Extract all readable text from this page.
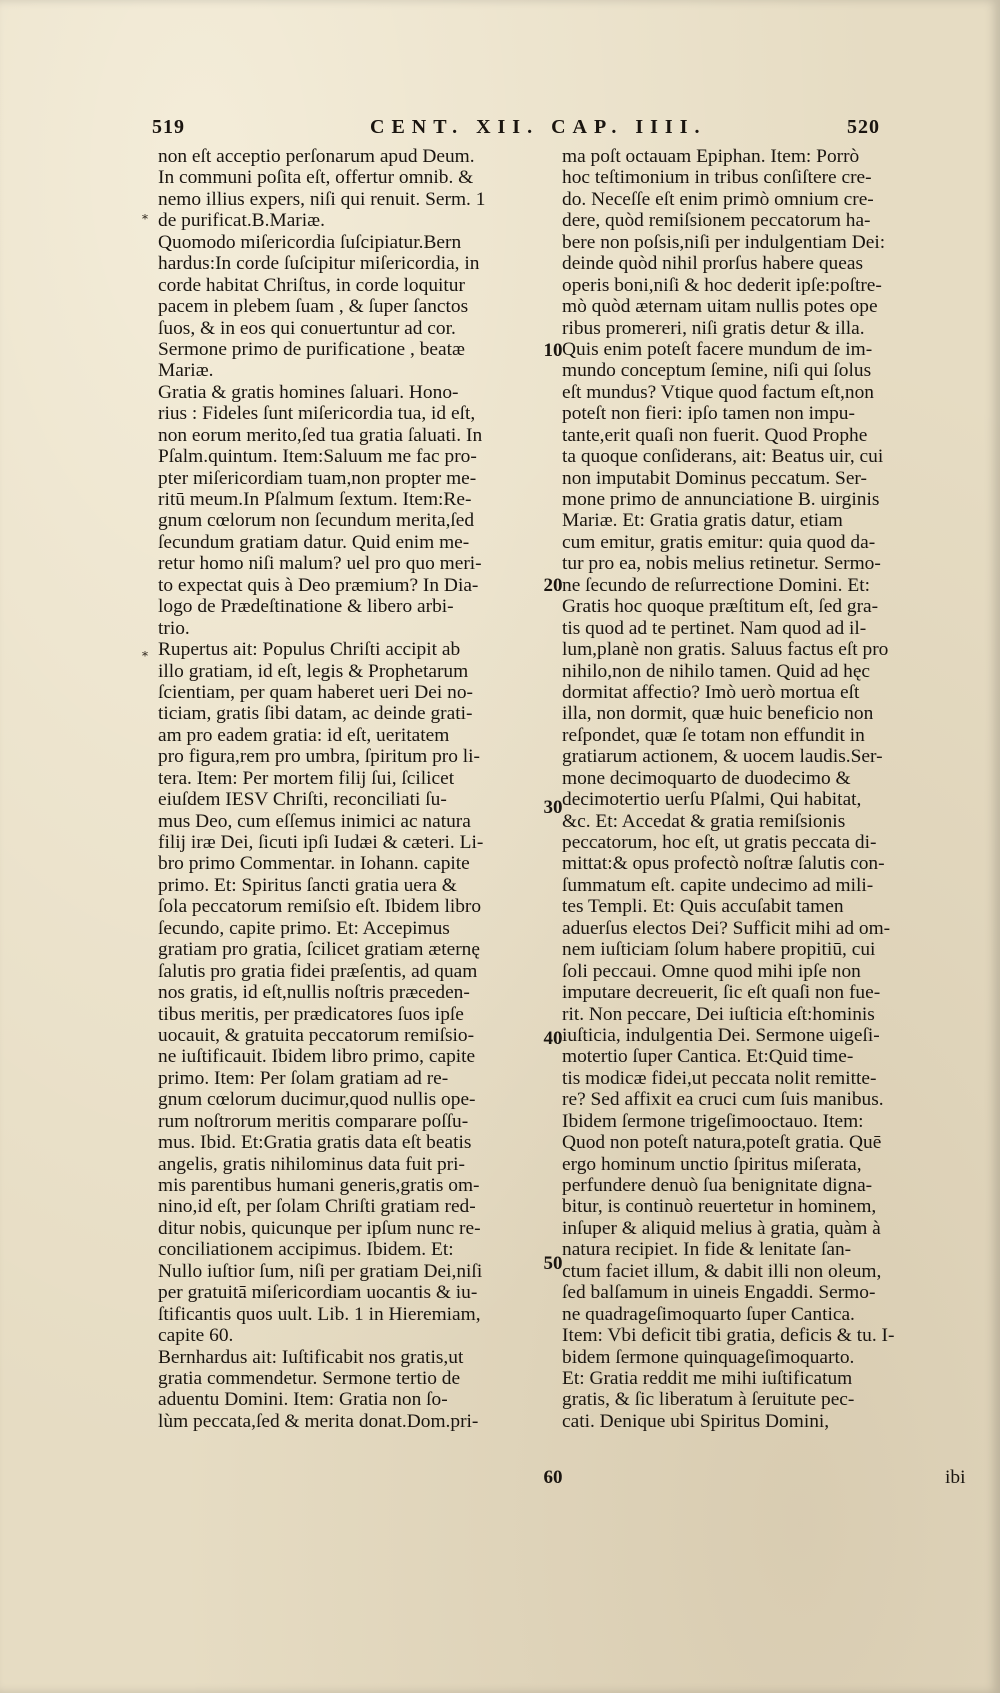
519	CENT. XII. CAP. IIII.	520
*
*
non eſt acceptio perſonarum apud Deum.
In communi poſita eſt, offertur omnib. &
nemo illius expers, niſi qui renuit. Serm. 1
de purificat.B.Mariæ.
Quomodo miſericordia ſuſcipiatur.Bern
hardus:In corde ſuſcipitur miſericordia, in
corde habitat Chriſtus, in corde loquitur
pacem in plebem ſuam , & ſuper ſanctos
ſuos, & in eos qui conuertuntur ad cor.
Sermone primo de purificatione , beatæ
Mariæ.
Gratia & gratis homines ſaluari. Hono-
rius : Fideles ſunt miſericordia tua, id eſt,
non eorum merito,ſed tua gratia ſaluati. In
Pſalm.quintum. Item:Saluum me fac pro-
pter miſericordiam tuam,non propter me-
ritū meum.In Pſalmum ſextum. Item:Re-
gnum cœlorum non ſecundum merita,ſed
ſecundum gratiam datur. Quid enim me-
retur homo niſi malum? uel pro quo meri-
to expectat quis à Deo præmium? In Dia-
logo de Prædeſtinatione & libero arbi-
trio.
Rupertus ait: Populus Chriſti accipit ab
illo gratiam, id eſt, legis & Prophetarum
ſcientiam, per quam haberet ueri Dei no-
ticiam, gratis ſibi datam, ac deinde grati-
am pro eadem gratia: id eſt, ueritatem
pro figura,rem pro umbra, ſpiritum pro li-
tera. Item: Per mortem filij ſui, ſcilicet
eiuſdem IESV Chriſti, reconciliati ſu-
mus Deo, cum eſſemus inimici ac natura
filij iræ Dei, ſicuti ipſi Iudæi & cæteri. Li-
bro primo Commentar. in Iohann. capite
primo. Et: Spiritus ſancti gratia uera &
ſola peccatorum remiſsio eſt. Ibidem libro
ſecundo, capite primo. Et: Accepimus
gratiam pro gratia, ſcilicet gratiam æternę
ſalutis pro gratia fidei præſentis, ad quam
nos gratis, id eſt,nullis noſtris præceden-
tibus meritis, per prædicatores ſuos ipſe
uocauit, & gratuita peccatorum remiſsio-
ne iuſtificauit. Ibidem libro primo, capite
primo. Item: Per ſolam gratiam ad re-
gnum cœlorum ducimur,quod nullis ope-
rum noſtrorum meritis comparare poſſu-
mus. Ibid. Et:Gratia gratis data eſt beatis
angelis, gratis nihilominus data fuit pri-
mis parentibus humani generis,gratis om-
nino,id eſt, per ſolam Chriſti gratiam red-
ditur nobis, quicunque per ipſum nunc re-
conciliationem accipimus. Ibidem. Et:
Nullo iuſtior ſum, niſi per gratiam Dei,niſi
per gratuitā miſericordiam uocantis & iu-
ſtificantis quos uult. Lib. 1 in Hieremiam,
capite 60.
Bernhardus ait: Iuſtificabit nos gratis,ut
gratia commendetur. Sermone tertio de
aduentu Domini. Item: Gratia non ſo-
lùm peccata,ſed & merita donat.Dom.pri-
ma poſt octauam Epiphan. Item: Porrò
hoc teſtimonium in tribus conſiſtere cre-
do. Neceſſe eſt enim primò omnium cre-
dere, quòd remiſsionem peccatorum ha-
bere non poſsis,niſi per indulgentiam Dei:
deinde quòd nihil prorſus habere queas
operis boni,niſi & hoc dederit ipſe:poſtre-
mò quòd æternam uitam nullis potes ope
ribus promereri, niſi gratis detur & illa.
Quis enim poteſt facere mundum de im-
mundo conceptum ſemine, niſi qui ſolus
eſt mundus? Vtique quod factum eſt,non
poteſt non fieri: ipſo tamen non impu-
tante,erit quaſi non fuerit. Quod Prophe
ta quoque conſiderans, ait: Beatus uir, cui
non imputabit Dominus peccatum. Ser-
mone primo de annunciatione B. uirginis
Mariæ. Et: Gratia gratis datur, etiam
cum emitur, gratis emitur: quia quod da-
tur pro ea, nobis melius retinetur. Sermo-
ne ſecundo de reſurrectione Domini. Et:
Gratis hoc quoque præſtitum eſt, ſed gra-
tis quod ad te pertinet. Nam quod ad il-
lum,planè non gratis. Saluus factus eſt pro
nihilo,non de nihilo tamen. Quid ad hęc
dormitat affectio? Imò uerò mortua eſt
illa, non dormit, quæ huic beneficio non
reſpondet, quæ ſe totam non effundit in
gratiarum actionem, & uocem laudis.Ser-
mone decimoquarto de duodecimo &
decimotertio uerſu Pſalmi, Qui habitat,
&c. Et: Accedat & gratia remiſsionis
peccatorum, hoc eſt, ut gratis peccata di-
mittat:& opus profectò noſtræ ſalutis con-
ſummatum eſt. capite undecimo ad mili-
tes Templi. Et: Quis accuſabit tamen
aduerſus electos Dei? Sufficit mihi ad om-
nem iuſticiam ſolum habere propitiū, cui
ſoli peccaui. Omne quod mihi ipſe non
imputare decreuerit, ſic eſt quaſi non fue-
rit. Non peccare, Dei iuſticia eſt:hominis
iuſticia, indulgentia Dei. Sermone uigeſi-
motertio ſuper Cantica. Et:Quid time-
tis modicæ fidei,ut peccata nolit remitte-
re? Sed affixit ea cruci cum ſuis manibus.
Ibidem ſermone trigeſimooctauo. Item:
Quod non poteſt natura,poteſt gratia. Quē
ergo hominum unctio ſpiritus miſerata,
perfundere denuò ſua benignitate digna-
bitur, is continuò reuertetur in hominem,
inſuper & aliquid melius à gratia, quàm à
natura recipiet. In fide & lenitate ſan-
ctum faciet illum, & dabit illi non oleum,
ſed balſamum in uineis Engaddi. Sermo-
ne quadrageſimoquarto ſuper Cantica.
Item: Vbi deficit tibi gratia, deficis & tu. I-
bidem ſermone quinquageſimoquarto.
Et: Gratia reddit me mihi iuſtificatum
gratis, & ſic liberatum à ſeruitute pec-
cati. Denique ubi Spiritus Domini,
10
20
30
40
50
60	ibi
